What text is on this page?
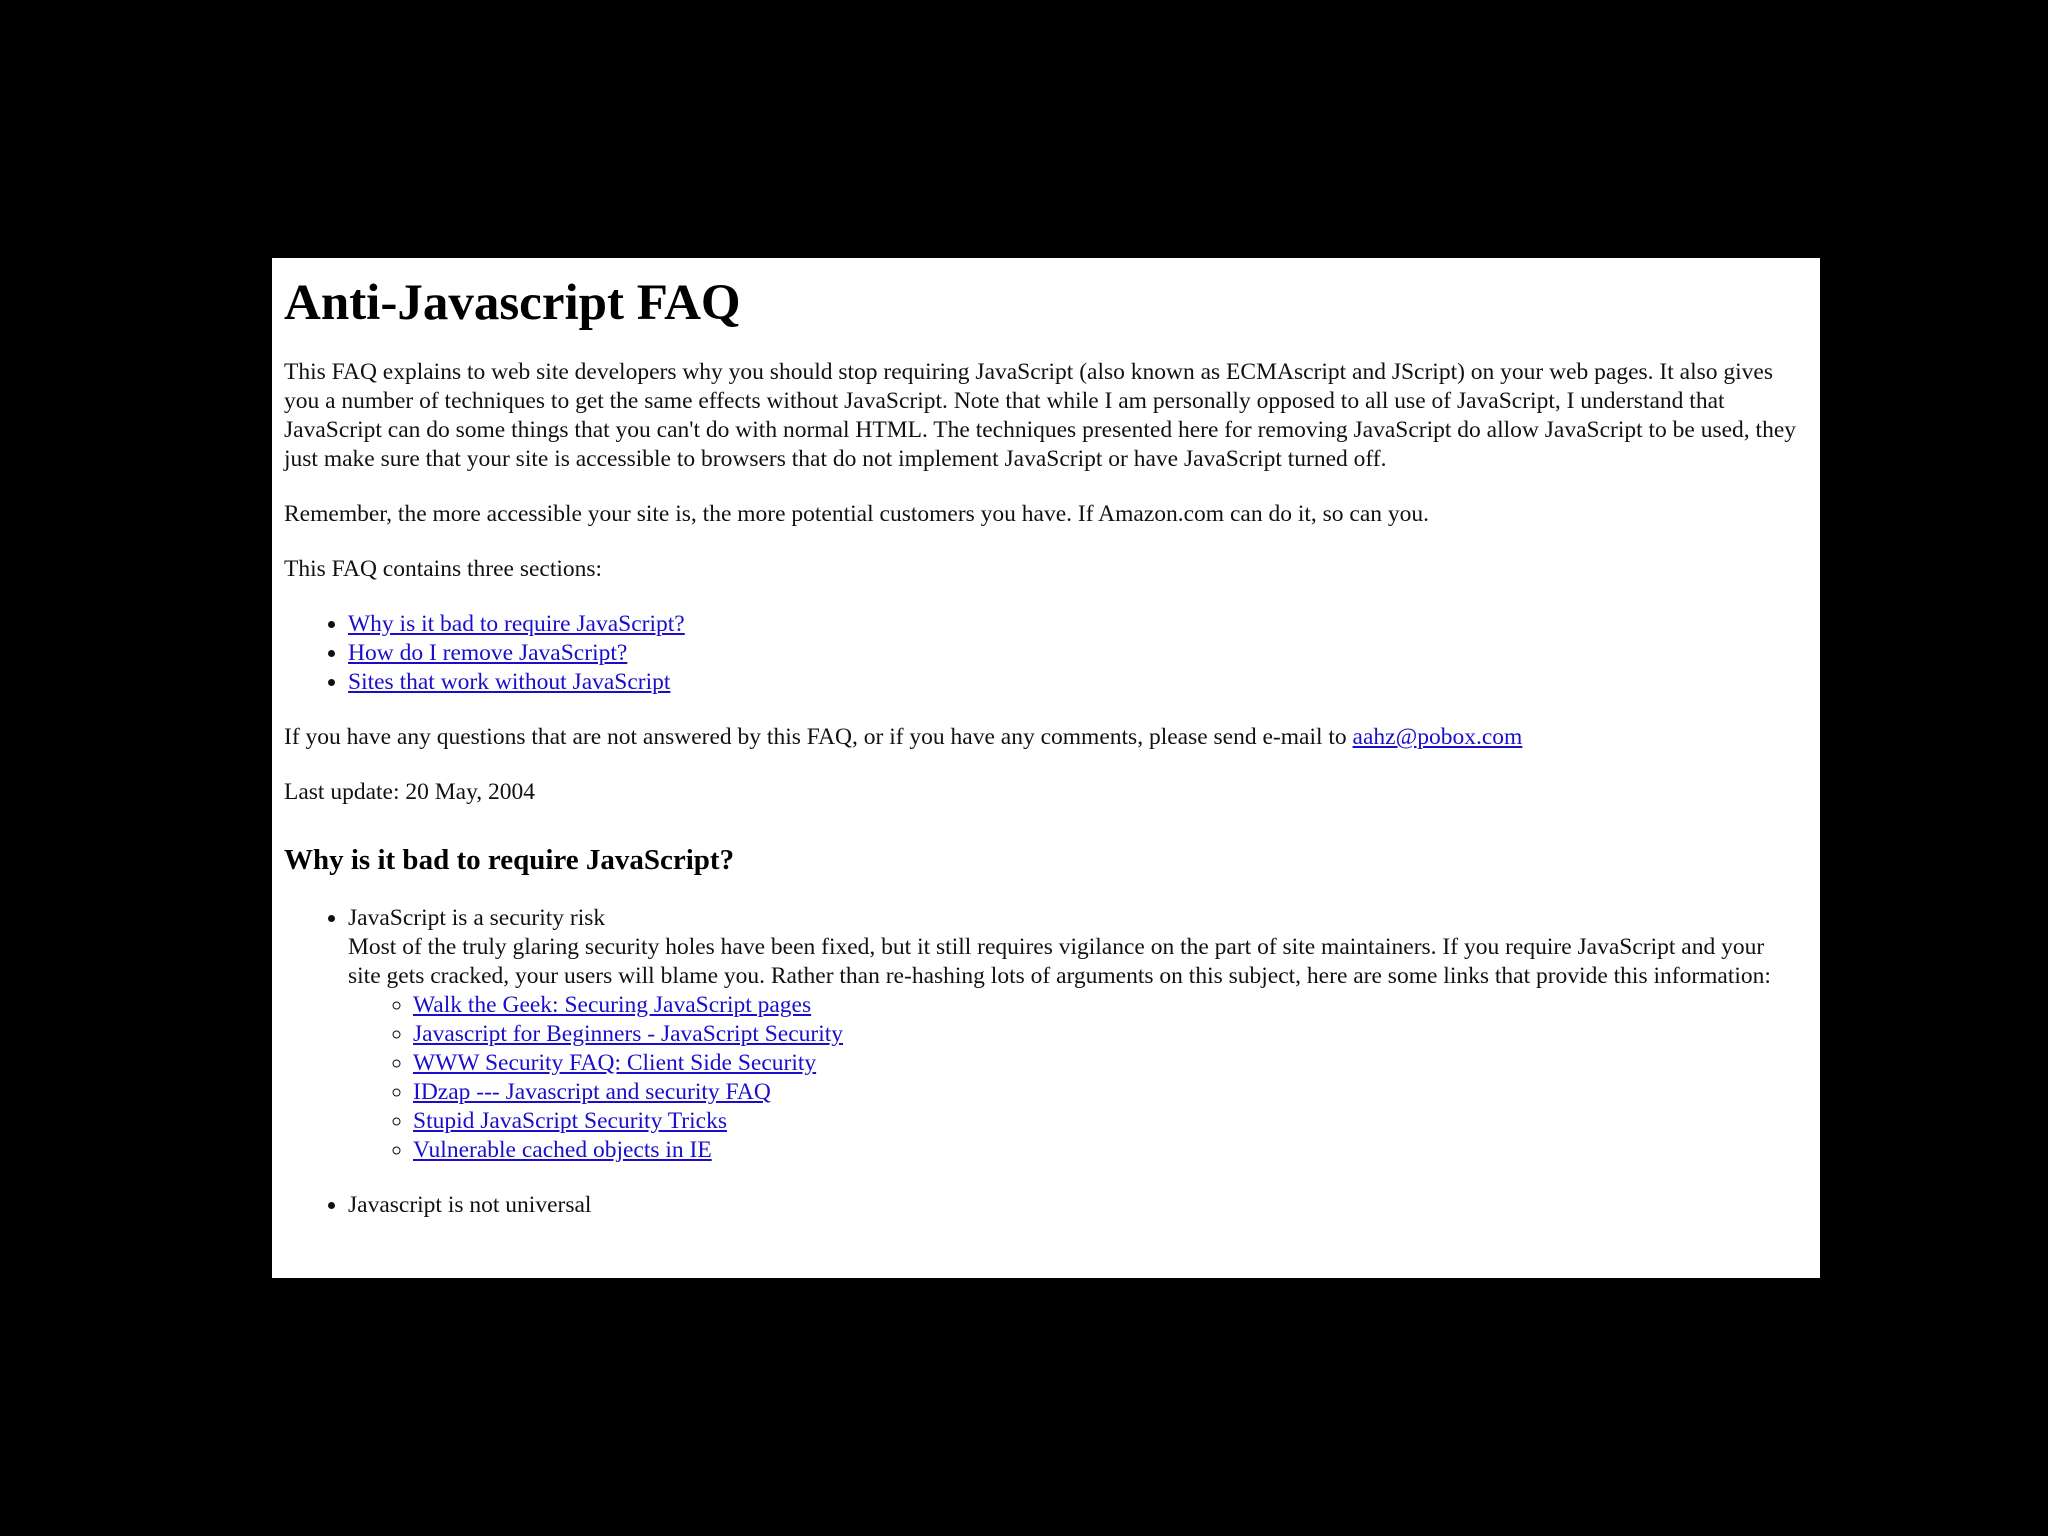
Anti-Javascript FAQ

This FAQ explains to web site developers why you should stop requiring JavaScript (also known as ECMAscript and JScript) on your web pages. It also gives you a number of techniques to get the same effects without JavaScript. Note that while I am personally opposed to all use of JavaScript, I understand that JavaScript can do some things that you can't do with normal HTML. The techniques presented here for removing JavaScript do allow JavaScript to be used, they just make sure that your site is accessible to browsers that do not implement JavaScript or have JavaScript turned off.

Remember, the more accessible your site is, the more potential customers you have. If Amazon.com can do it, so can you.

This FAQ contains three sections:

• Why is it bad to require JavaScript?
• How do I remove JavaScript?
• Sites that work without JavaScript

If you have any questions that are not answered by this FAQ, or if you have any comments, please send e-mail to aahz@pobox.com

Last update: 20 May, 2004

Why is it bad to require JavaScript?
• JavaScript is a security risk
Most of the truly glaring security holes have been fixed, but it still requires vigilance on the part of site maintainers. If you require JavaScript and your site gets cracked, your users will blame you. Rather than re-hashing lots of arguments on this subject, here are some links that provide this information:
◦ Walk the Geek: Securing JavaScript pages
◦ Javascript for Beginners - JavaScript Security
◦ WWW Security FAQ: Client Side Security
◦ IDzap --- Javascript and security FAQ
◦ Stupid JavaScript Security Tricks
◦ Vulnerable cached objects in IE
• Javascript is not universal
